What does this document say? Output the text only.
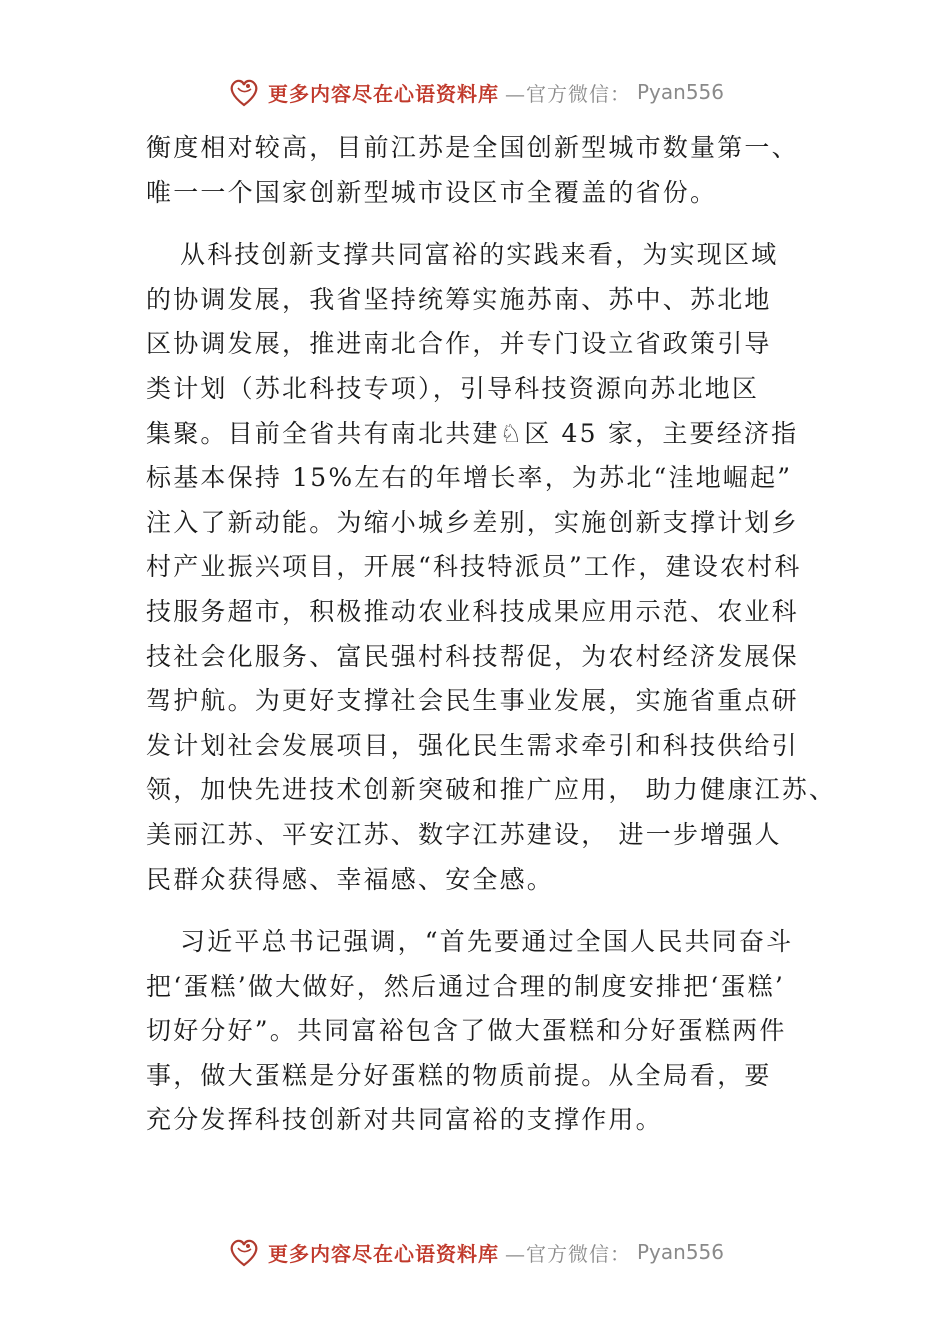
更多内容尽在心语资料库 —官方微信： Pyan556

衡度相对较高，目前江苏是全国创新型城市数量第一、
唯一一个国家创新型城市设区市全覆盖的省份。

从科技创新支撑共同富裕的实践来看，为实现区域
的协调发展，我省坚持统筹实施苏南、苏中、苏北地
区协调发展，推进南北合作，并专门设立省政策引导
类计划（苏北科技专项），引导科技资源向苏北地区
集聚。目前全省共有南北共建♘区 45 家，主要经济指
标基本保持 15%左右的年增长率，为苏北“洼地崛起”
注入了新动能。为缩小城乡差别，实施创新支撑计划乡
村产业振兴项目，开展“科技特派员”工作，建设农村科
技服务超市，积极推动农业科技成果应用示范、农业科
技社会化服务、富民强村科技帮促，为农村经济发展保
驾护航。为更好支撑社会民生事业发展，实施省重点研
发计划社会发展项目，强化民生需求牵引和科技供给引
领，加快先进技术创新突破和推广应用， 助力健康江苏、
美丽江苏、平安江苏、数字江苏建设， 进一步增强人
民群众获得感、幸福感、安全感。

习近平总书记强调，“首先要通过全国人民共同奋斗
把‘蛋糕’做大做好，然后通过合理的制度安排把‘蛋糕’
切好分好”。共同富裕包含了做大蛋糕和分好蛋糕两件
事，做大蛋糕是分好蛋糕的物质前提。从全局看，要
充分发挥科技创新对共同富裕的支撑作用。

更多内容尽在心语资料库 —官方微信： Pyan556
